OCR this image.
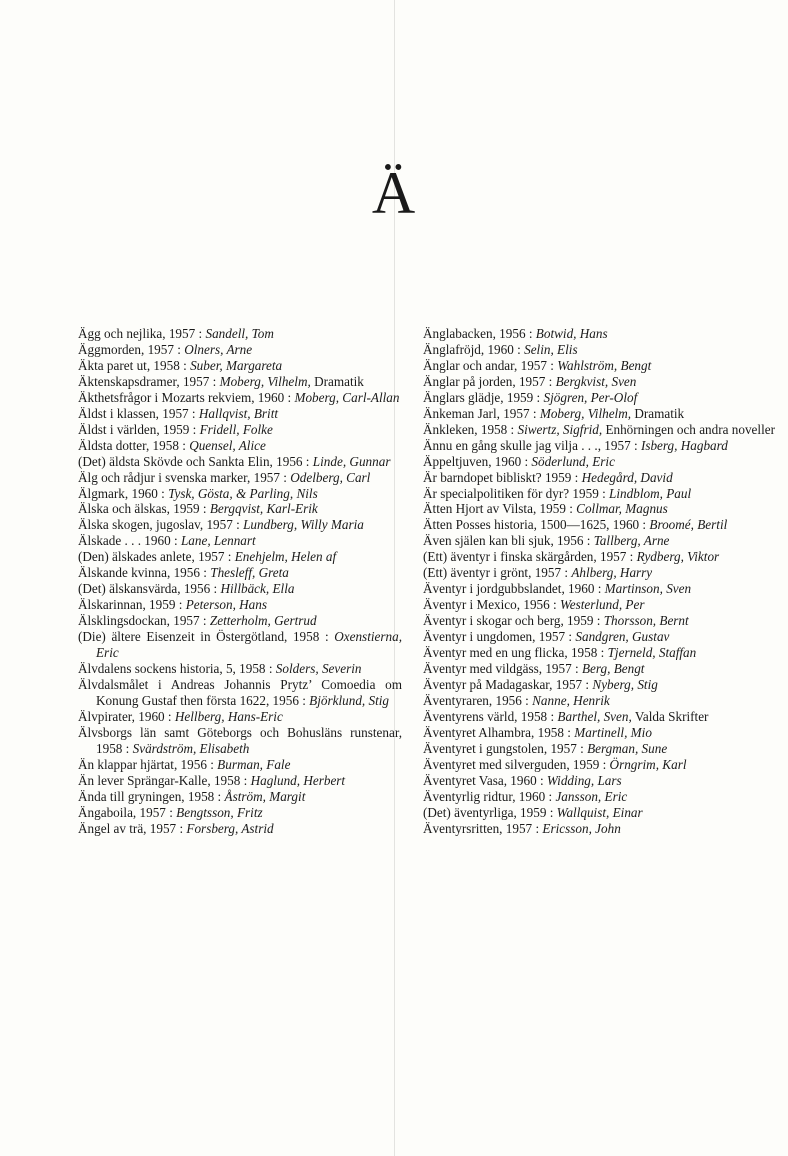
Ä
Ägg och nejlika, 1957 : Sandell, Tom
Äggmorden, 1957 : Olners, Arne
Äkta paret ut, 1958 : Suber, Margareta
Äktenskapsdramer, 1957 : Moberg, Vilhelm, Dramatik
Äkthetsfrågor i Mozarts rekviem, 1960 : Moberg, Carl-Allan
Äldst i klassen, 1957 : Hallqvist, Britt
Äldst i världen, 1959 : Fridell, Folke
Äldsta dotter, 1958 : Quensel, Alice
(Det) äldsta Skövde och Sankta Elin, 1956 : Linde, Gunnar
Älg och rådjur i svenska marker, 1957 : Odelberg, Carl
Älgmark, 1960 : Tysk, Gösta, & Parling, Nils
Älska och älskas, 1959 : Bergqvist, Karl-Erik
Älska skogen, jugoslav, 1957 : Lundberg, Willy Maria
Älskade . . . 1960 : Lane, Lennart
(Den) älskades anlete, 1957 : Enehjelm, Helen af
Älskande kvinna, 1956 : Thesleff, Greta
(Det) älskansvärda, 1956 : Hillbäck, Ella
Älskarinnan, 1959 : Peterson, Hans
Älsklingsdockan, 1957 : Zetterholm, Gertrud
(Die) ältere Eisenzeit in Östergötland, 1958 : Oxenstierna, Eric
Älvdalens sockens historia, 5, 1958 : Solders, Severin
Älvdalsmålet i Andreas Johannis Prytz’ Comoedia om Konung Gustaf then första 1622, 1956 : Björklund, Stig
Älvpirater, 1960 : Hellberg, Hans-Eric
Älvsborgs län samt Göteborgs och Bohusläns runstenar, 1958 : Svärdström, Elisabeth
Än klappar hjärtat, 1956 : Burman, Fale
Än lever Sprängar-Kalle, 1958 : Haglund, Herbert
Ända till gryningen, 1958 : Åström, Margit
Ängaboila, 1957 : Bengtsson, Fritz
Ängel av trä, 1957 : Forsberg, Astrid
Änglabacken, 1956 : Botwid, Hans
Änglafröjd, 1960 : Selin, Elis
Änglar och andar, 1957 : Wahlström, Bengt
Änglar på jorden, 1957 : Bergkvist, Sven
Änglars glädje, 1959 : Sjögren, Per-Olof
Änkeman Jarl, 1957 : Moberg, Vilhelm, Dramatik
Änkleken, 1958 : Siwertz, Sigfrid, Enhörningen och andra noveller
Ännu en gång skulle jag vilja . . ., 1957 : Isberg, Hagbard
Äppeltjuven, 1960 : Söderlund, Eric
Är barndopet bibliskt? 1959 : Hedegård, David
Är specialpolitiken för dyr? 1959 : Lindblom, Paul
Ätten Hjort av Vilsta, 1959 : Collmar, Magnus
Ätten Posses historia, 1500—1625, 1960 : Broomé, Bertil
Även själen kan bli sjuk, 1956 : Tallberg, Arne
(Ett) äventyr i finska skärgården, 1957 : Rydberg, Viktor
(Ett) äventyr i grönt, 1957 : Ahlberg, Harry
Äventyr i jordgubbslandet, 1960 : Martinson, Sven
Äventyr i Mexico, 1956 : Westerlund, Per
Äventyr i skogar och berg, 1959 : Thorsson, Bernt
Äventyr i ungdomen, 1957 : Sandgren, Gustav
Äventyr med en ung flicka, 1958 : Tjerneld, Staffan
Äventyr med vildgäss, 1957 : Berg, Bengt
Äventyr på Madagaskar, 1957 : Nyberg, Stig
Äventyraren, 1956 : Nanne, Henrik
Äventyrens värld, 1958 : Barthel, Sven, Valda Skrifter
Äventyret Alhambra, 1958 : Martinell, Mio
Äventyret i gungstolen, 1957 : Bergman, Sune
Äventyret med silverguden, 1959 : Örngrim, Karl
Äventyret Vasa, 1960 : Widding, Lars
Äventyrlig ridtur, 1960 : Jansson, Eric
(Det) äventyrliga, 1959 : Wallquist, Einar
Äventyrsritten, 1957 : Ericsson, John
